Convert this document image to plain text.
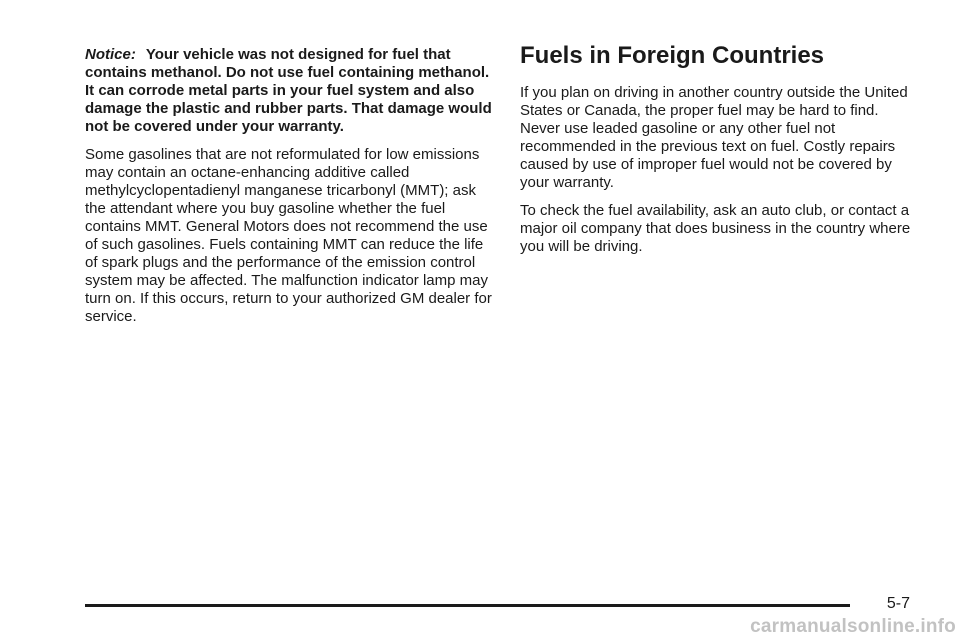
Notice: Your vehicle was not designed for fuel that contains methanol. Do not use fuel containing methanol. It can corrode metal parts in your fuel system and also damage the plastic and rubber parts. That damage would not be covered under your warranty.

Some gasolines that are not reformulated for low emissions may contain an octane-enhancing additive called methylcyclopentadienyl manganese tricarbonyl (MMT); ask the attendant where you buy gasoline whether the fuel contains MMT. General Motors does not recommend the use of such gasolines. Fuels containing MMT can reduce the life of spark plugs and the performance of the emission control system may be affected. The malfunction indicator lamp may turn on. If this occurs, return to your authorized GM dealer for service.

Fuels in Foreign Countries

If you plan on driving in another country outside the United States or Canada, the proper fuel may be hard to find. Never use leaded gasoline or any other fuel not recommended in the previous text on fuel. Costly repairs caused by use of improper fuel would not be covered by your warranty.

To check the fuel availability, ask an auto club, or contact a major oil company that does business in the country where you will be driving.

5-7
carmanualsonline.info
